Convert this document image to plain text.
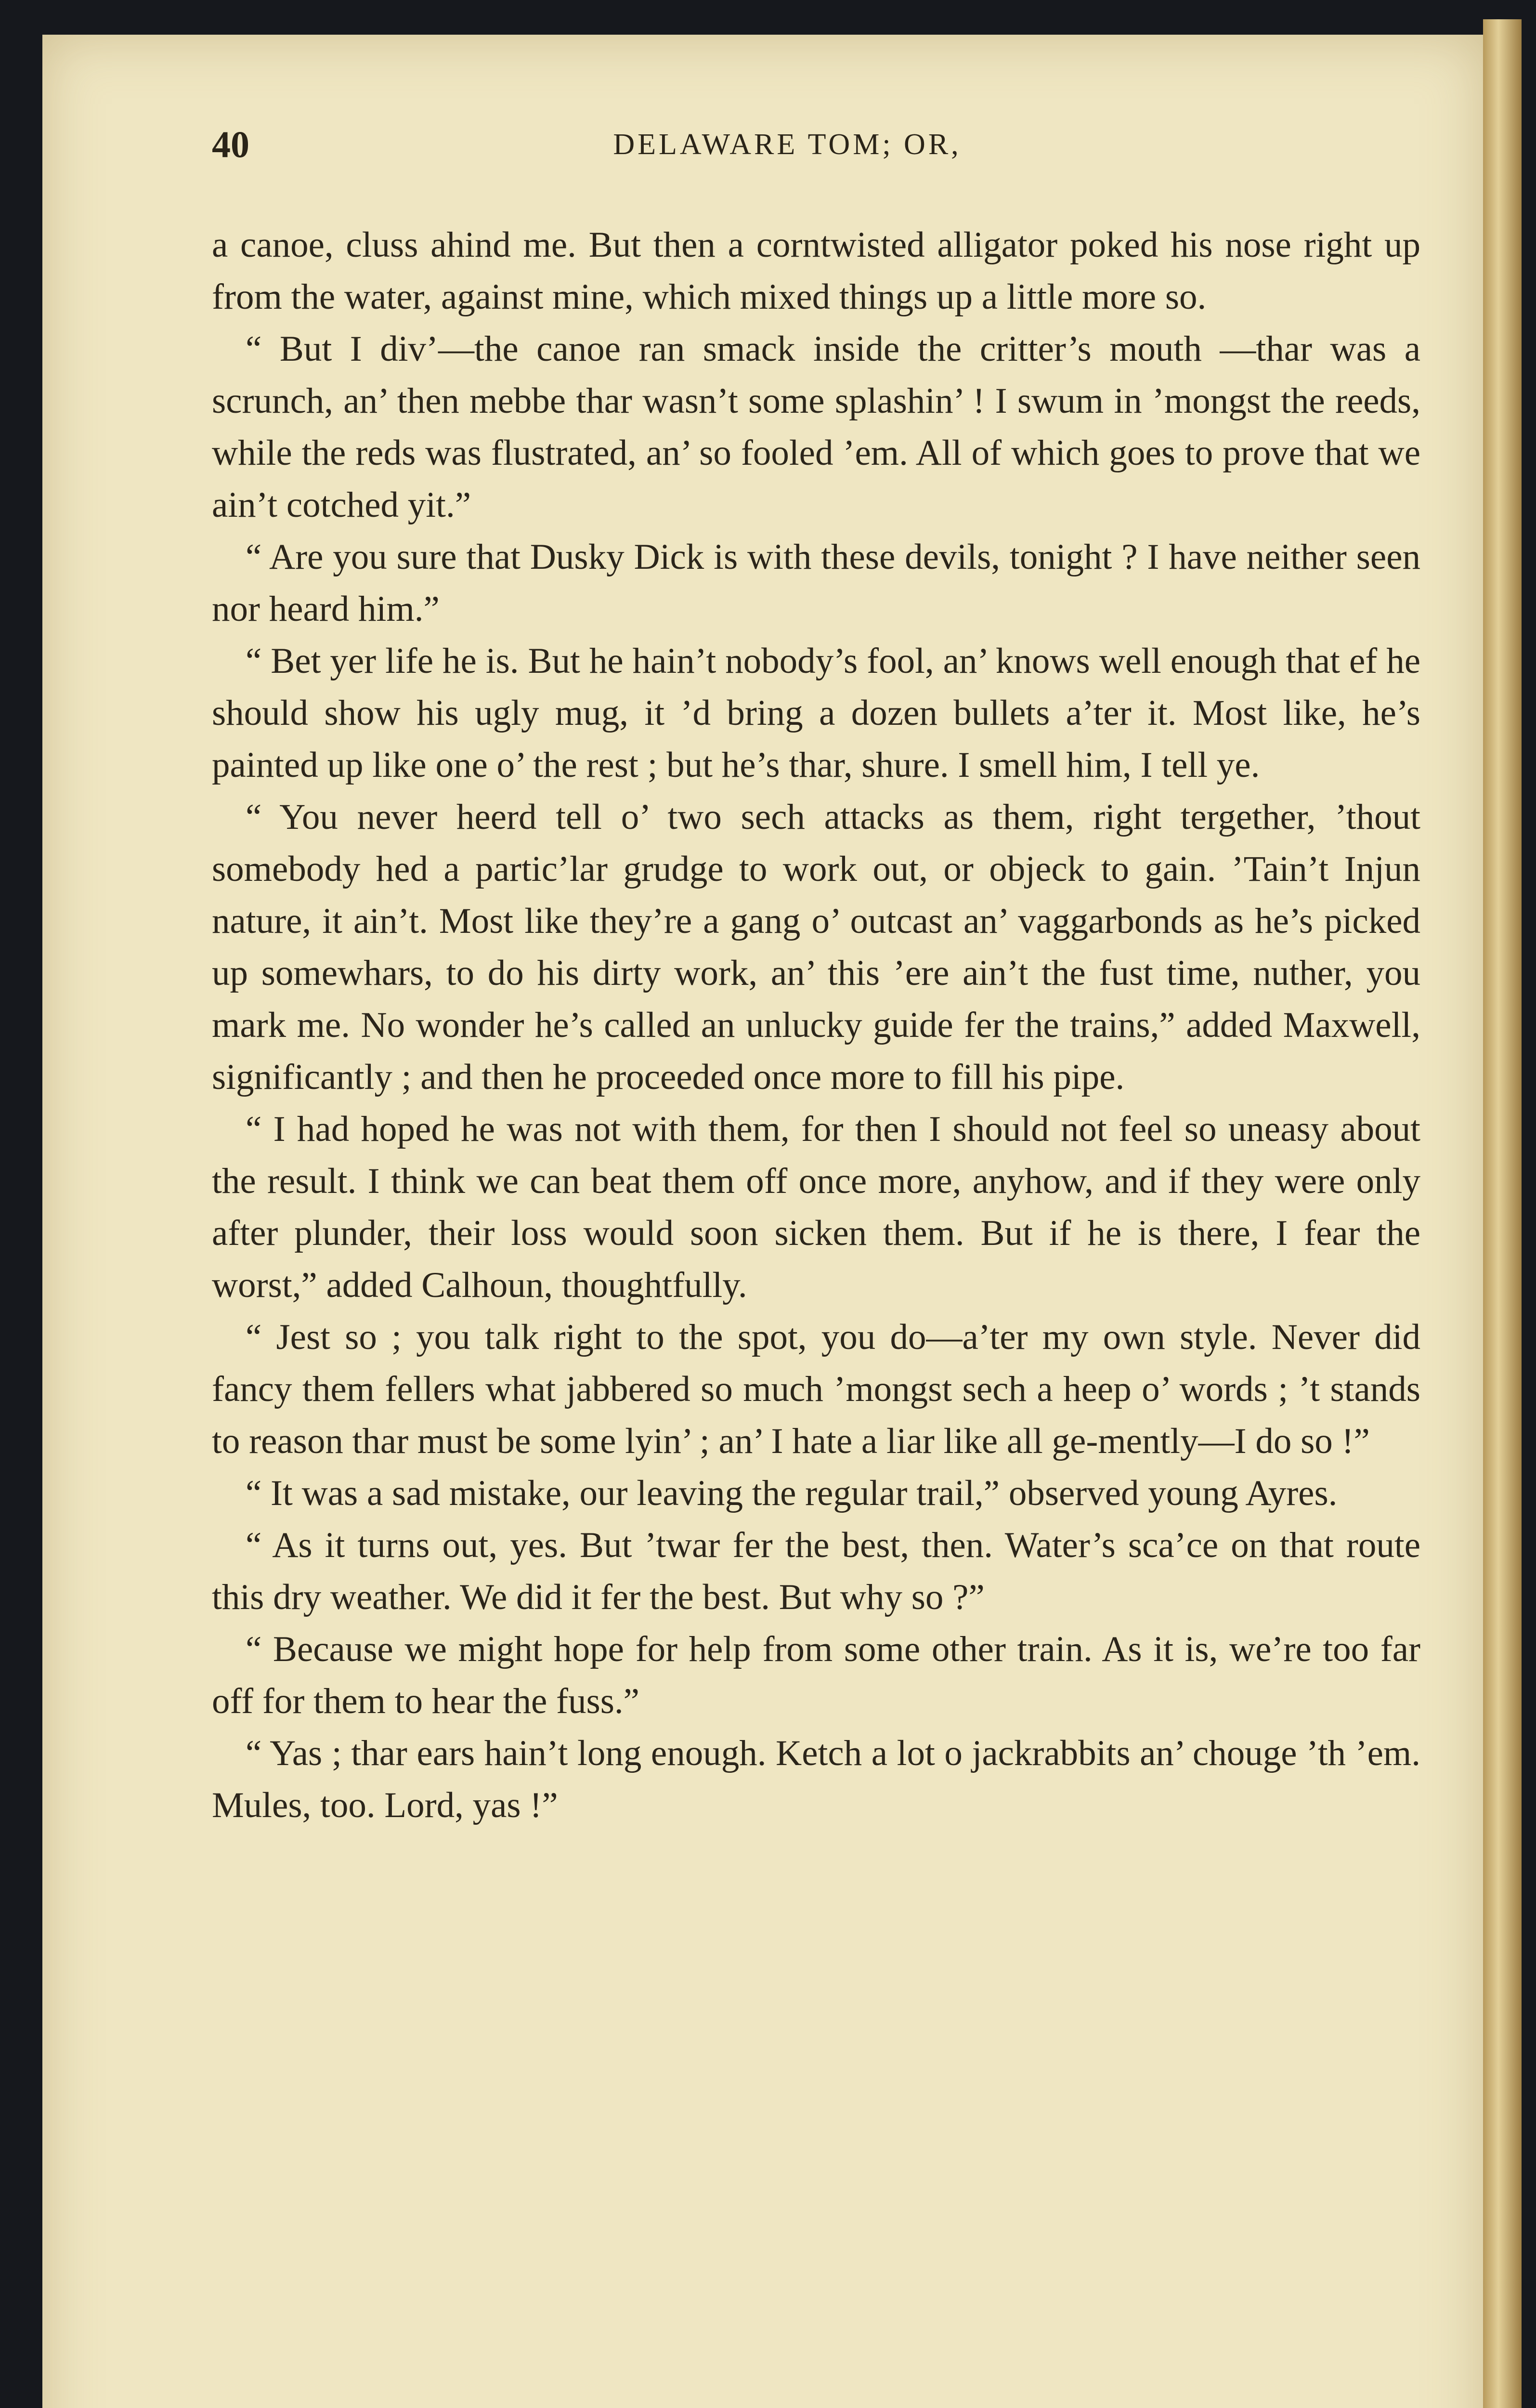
40	DELAWARE TOM; OR,

a canoe, cluss ahind me. But then a corntwisted alligator poked his nose right up from the water, against mine, which mixed things up a little more so.

“ But I div’—the canoe ran smack inside the critter’s mouth —thar was a scrunch, an’ then mebbe thar wasn’t some splashin’ ! I swum in ’mongst the reeds, while the reds was flustrated, an’ so fooled ’em. All of which goes to prove that we ain’t cotched yit.”

“ Are you sure that Dusky Dick is with these devils, tonight ? I have neither seen nor heard him.”

“ Bet yer life he is. But he hain’t nobody’s fool, an’ knows well enough that ef he should show his ugly mug, it ’d bring a dozen bullets a’ter it. Most like, he’s painted up like one o’ the rest ; but he’s thar, shure. I smell him, I tell ye.

“ You never heerd tell o’ two sech attacks as them, right tergether, ’thout somebody hed a partic’lar grudge to work out, or objeck to gain. ’Tain’t Injun nature, it ain’t. Most like they’re a gang o’ outcast an’ vaggarbonds as he’s picked up somewhars, to do his dirty work, an’ this ’ere ain’t the fust time, nuther, you mark me. No wonder he’s called an unlucky guide fer the trains,” added Maxwell, significantly ; and then he proceeded once more to fill his pipe.

“ I had hoped he was not with them, for then I should not feel so uneasy about the result. I think we can beat them off once more, anyhow, and if they were only after plunder, their loss would soon sicken them. But if he is there, I fear the worst,” added Calhoun, thoughtfully.

“ Jest so ; you talk right to the spot, you do—a’ter my own style. Never did fancy them fellers what jabbered so much ’mongst sech a heep o’ words ; ’t stands to reason thar must be some lyin’ ; an’ I hate a liar like all ge-mently—I do so !”

“ It was a sad mistake, our leaving the regular trail,” observed young Ayres.

“ As it turns out, yes. But ’twar fer the best, then. Water’s sca’ce on that route this dry weather. We did it fer the best. But why so ?”

“ Because we might hope for help from some other train. As it is, we’re too far off for them to hear the fuss.”

“ Yas ; thar ears hain’t long enough. Ketch a lot o jackrabbits an’ chouge ’th ’em. Mules, too. Lord, yas !”
